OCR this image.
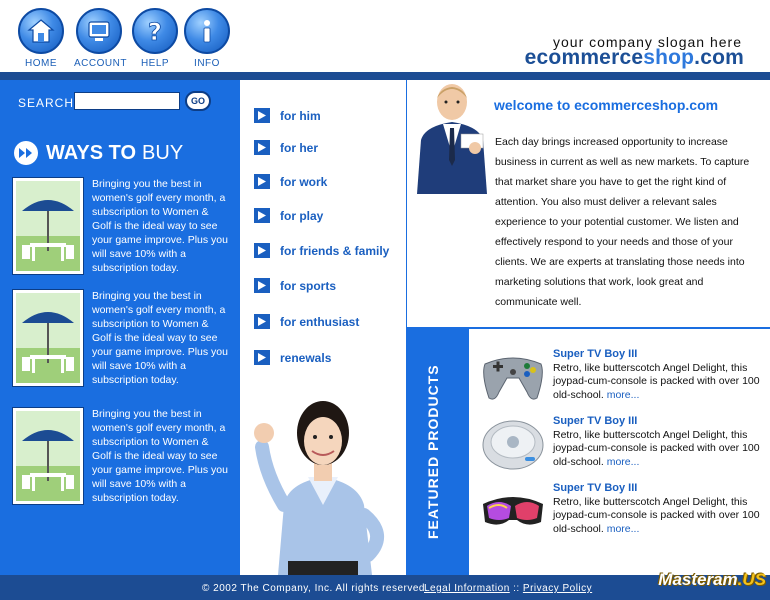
HOME	ACCOUNT
?
HELP	INFO
your company slogan here
ecommerceshop.com
SEARCH	GO
WAYS TO BUY
Bringing you the best in women's golf every month, a subscription to Women & Golf is the ideal way to see your game improve. Plus you will save 10% with a subscription today.
Bringing you the best in women's golf every month, a subscription to Women & Golf is the ideal way to see your game improve. Plus you will save 10% with a subscription today.
Bringing you the best in women's golf every month, a subscription to Women & Golf is the ideal way to see your game improve. Plus you will save 10% with a subscription today.
for him
for her
for work
for play
for friends & family
for sports
for enthusiast
renewals
welcome to ecommerceshop.com
Each day brings increased opportunity to increase business in current as well as new markets. To capture that market share you have to get the right kind of attention. You also must deliver a relevant sales experience to your potential customer. We listen and effectively respond to your needs and those of your clients. We are experts at translating those needs into marketing solutions that work, look great and communicate well.
FEATURED PRODUCTS
Super TV Boy III
Retro, like butterscotch Angel Delight, this joypad-cum-console is packed with over 100 old-school. more...
Super TV Boy III
Retro, like butterscotch Angel Delight, this joypad-cum-console is packed with over 100 old-school. more...
Super TV Boy III
Retro, like butterscotch Angel Delight, this joypad-cum-console is packed with over 100 old-school. more...
© 2002 The Company, Inc. All rights reserved.
Legal Information :: Privacy Policy	Masteram.US
